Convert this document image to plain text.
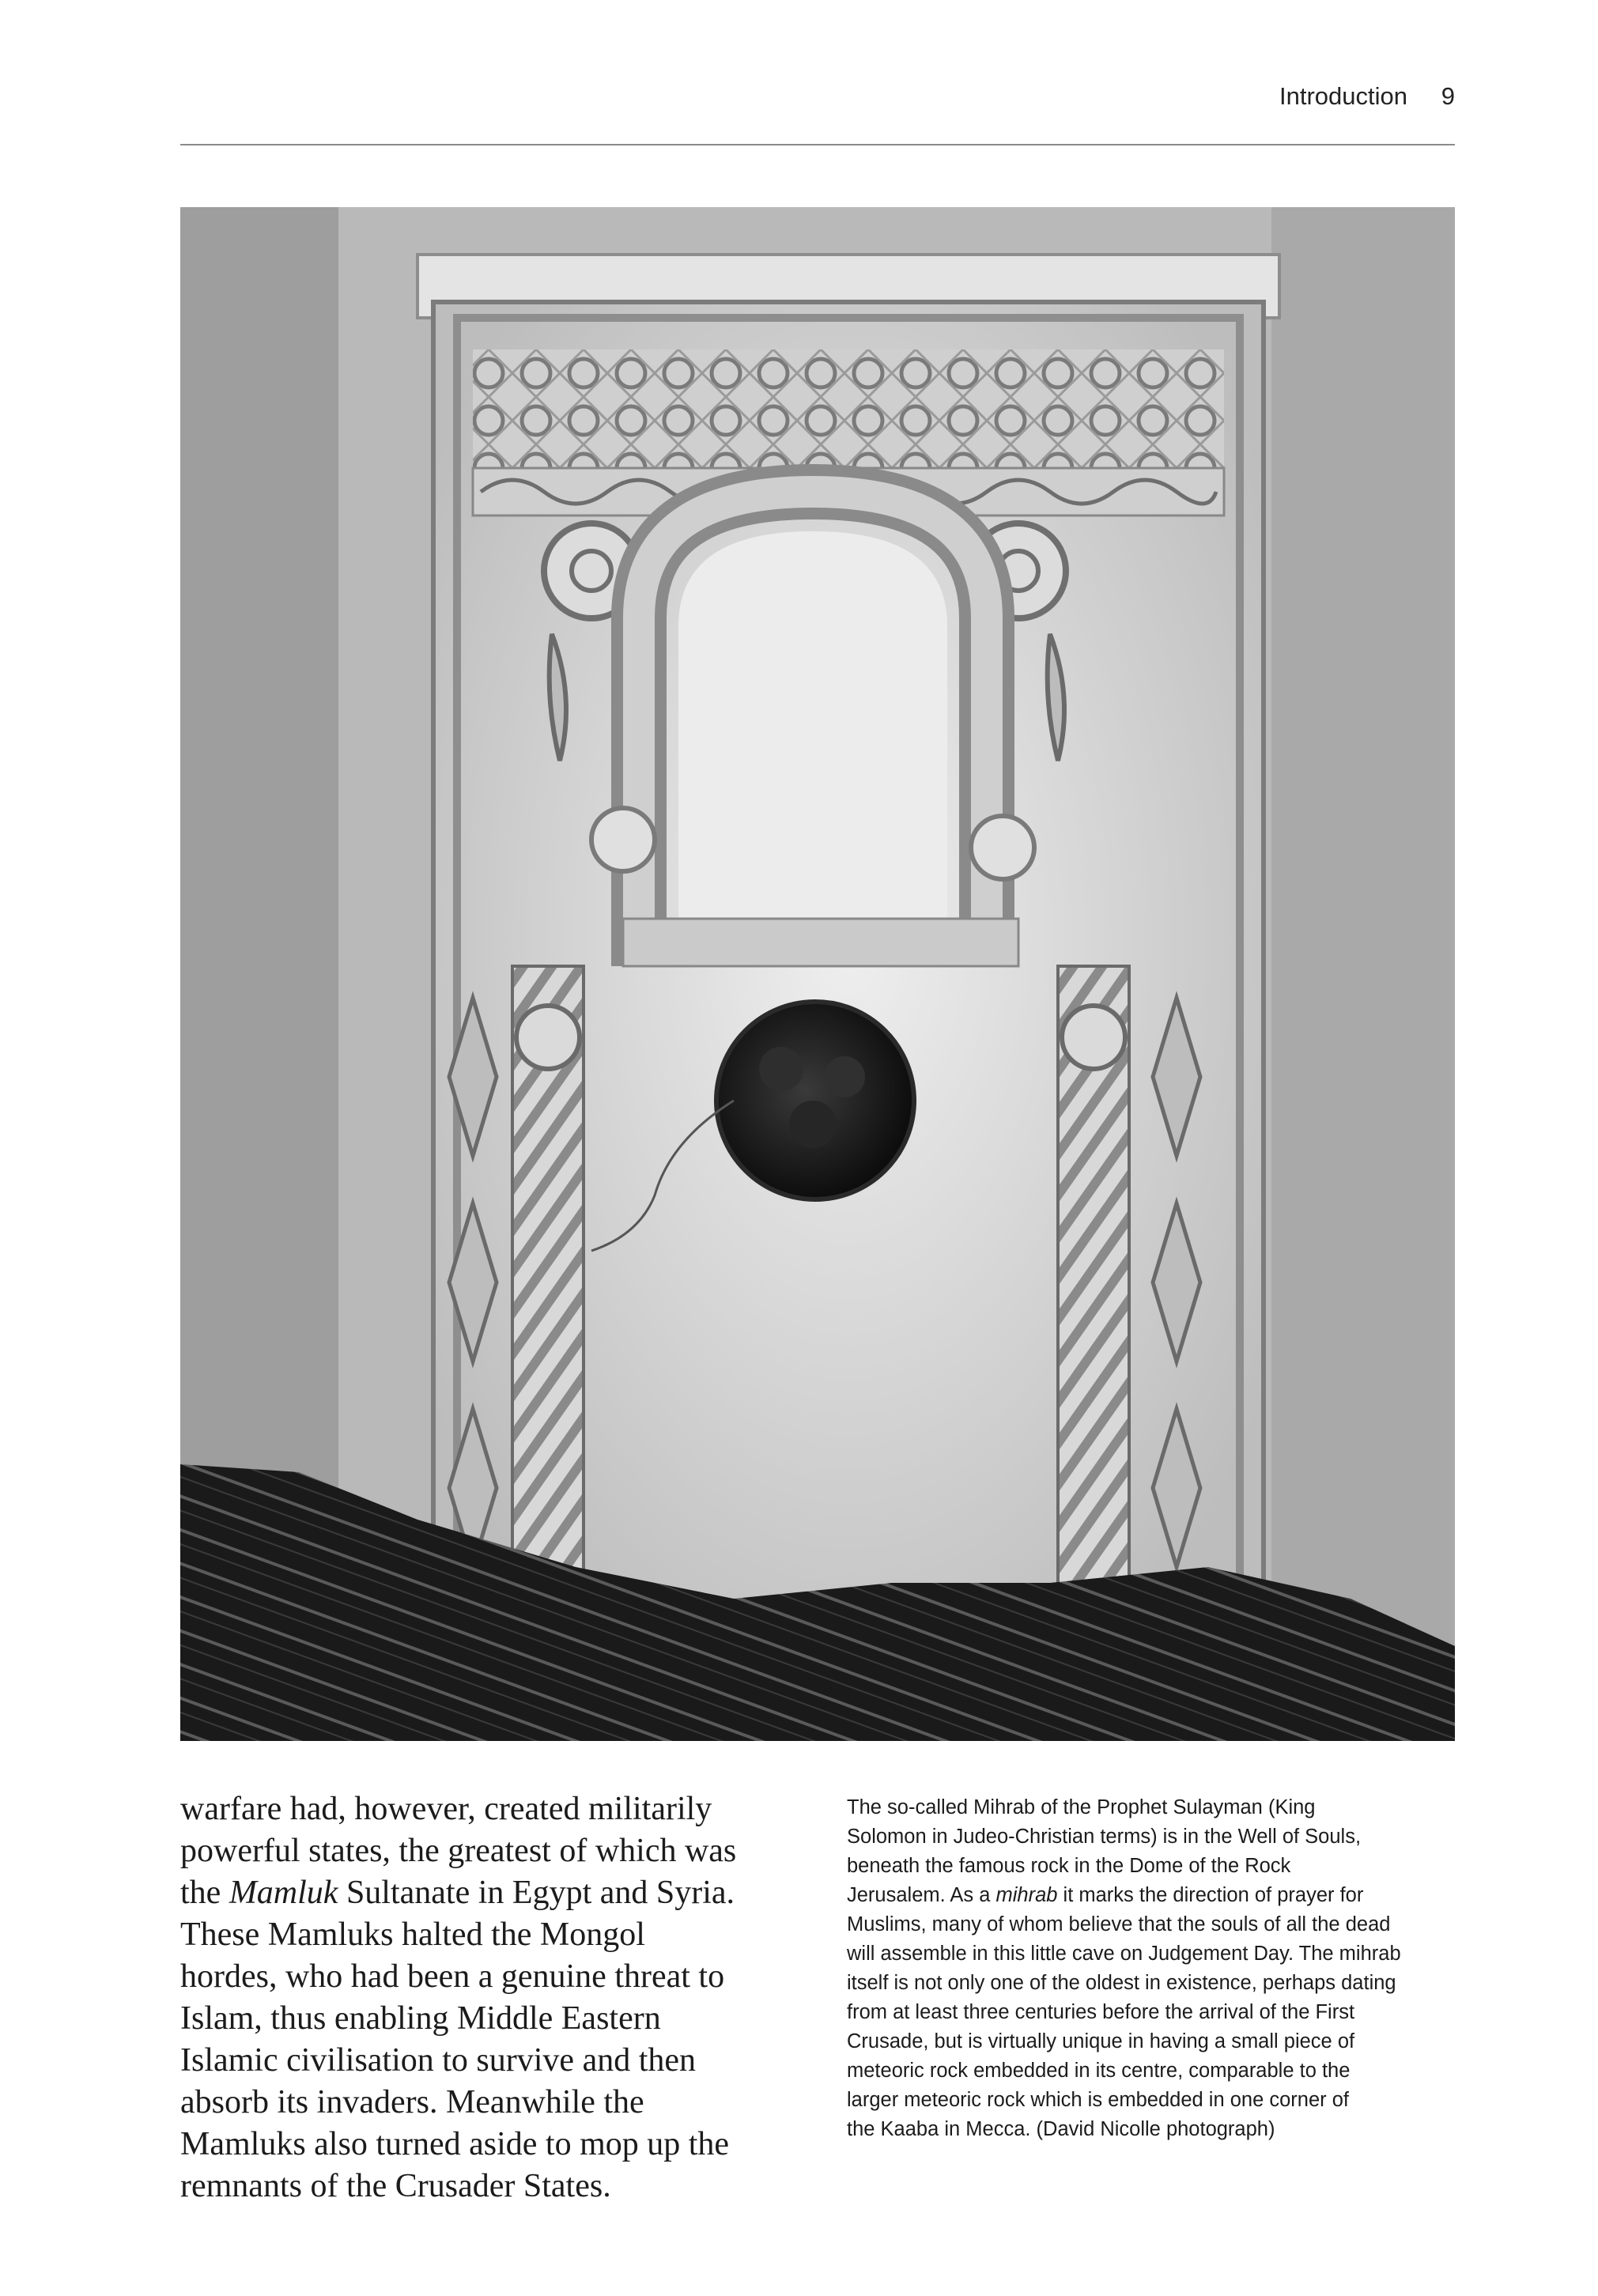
Introduction 9

warfare had, however, created militarily

powerful states, the greatest of which was

the Mamluk Sultanate in Egypt and Syria.

These Mamluks halted the Mongol

hordes, who had been a genuine threat to

Islam, thus enabling Middle Eastern

Islamic civilisation to survive and then

absorb its invaders. Meanwhile the

Mamluks also turned aside to mop up the

remnants of the Crusader States.

The so-called Mihrab of the Prophet Sulayman (King

Solomon in Judeo-Christian terms) is in the Well of Souls,

beneath the famous rock in the Dome of the Rock

Jerusalem. As a mihrab it marks the direction of prayer for

Muslims, many of whom believe that the souls of all the dead

will assemble in this little cave on Judgement Day. The mihrab

itself is not only one of the oldest in existence, perhaps dating

from at least three centuries before the arrival of the First

Crusade, but is virtually unique in having a small piece of

meteoric rock embedded in its centre, comparable to the

larger meteoric rock which is embedded in one corner of

the Kaaba in Mecca. (David Nicolle photograph)
